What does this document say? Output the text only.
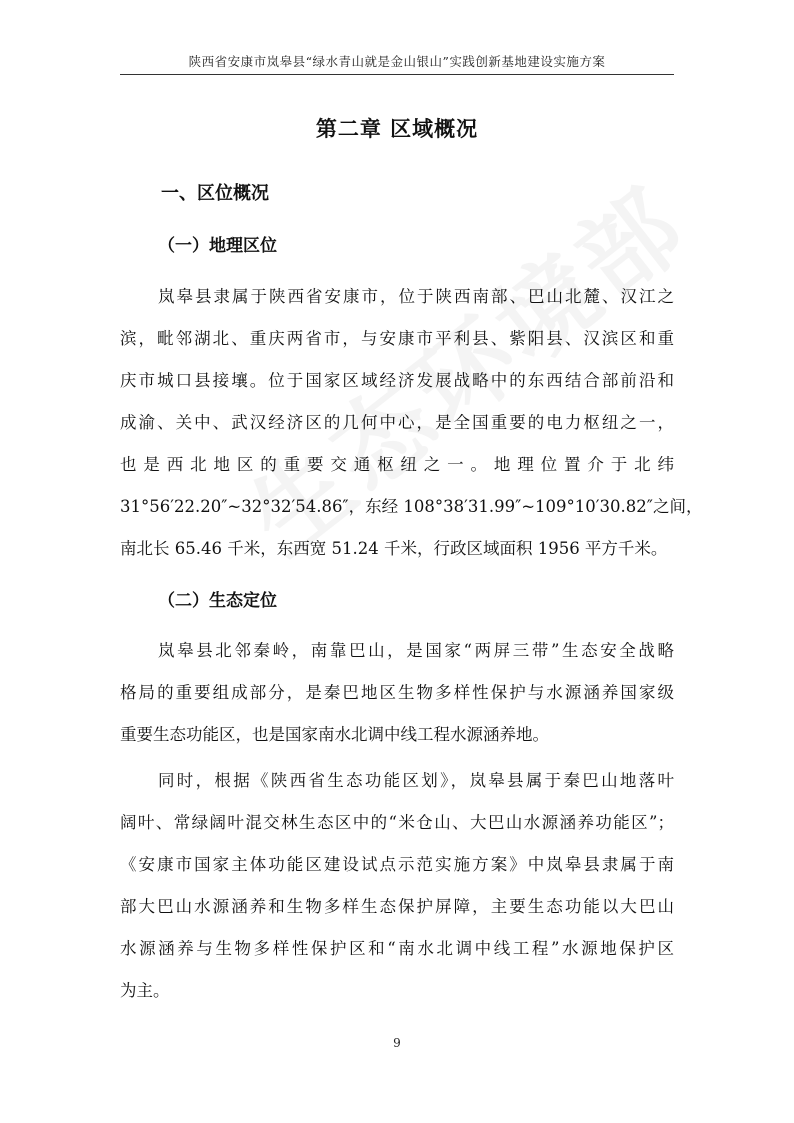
陕西省安康市岚皋县“绿水青山就是金山银山”实践创新基地建设实施方案
第二章 区域概况
一、区位概况
（一）地理区位
岚皋县隶属于陕西省安康市，位于陕西南部、巴山北麓、汉江之
滨，毗邻湖北、重庆两省市，与安康市平利县、紫阳县、汉滨区和重
庆市城口县接壤。位于国家区域经济发展战略中的东西结合部前沿和
成渝、关中、武汉经济区的几何中心，是全国重要的电力枢纽之一，
也是西北地区的重要交通枢纽之一。地理位置介于北纬
31°56′22.20″~32°32′54.86″，东经 108°38′31.99″~109°10′30.82″之间，
南北长 65.46 千米，东西宽 51.24 千米，行政区域面积 1956 平方千米。
（二）生态定位
岚皋县北邻秦岭，南靠巴山，是国家“两屏三带”生态安全战略
格局的重要组成部分，是秦巴地区生物多样性保护与水源涵养国家级
重要生态功能区，也是国家南水北调中线工程水源涵养地。
同时，根据《陕西省生态功能区划》，岚皋县属于秦巴山地落叶
阔叶、常绿阔叶混交林生态区中的“米仓山、大巴山水源涵养功能区”；
《安康市国家主体功能区建设试点示范实施方案》中岚皋县隶属于南
部大巴山水源涵养和生物多样生态保护屏障，主要生态功能以大巴山
水源涵养与生物多样性保护区和“南水北调中线工程”水源地保护区
为主。
9
